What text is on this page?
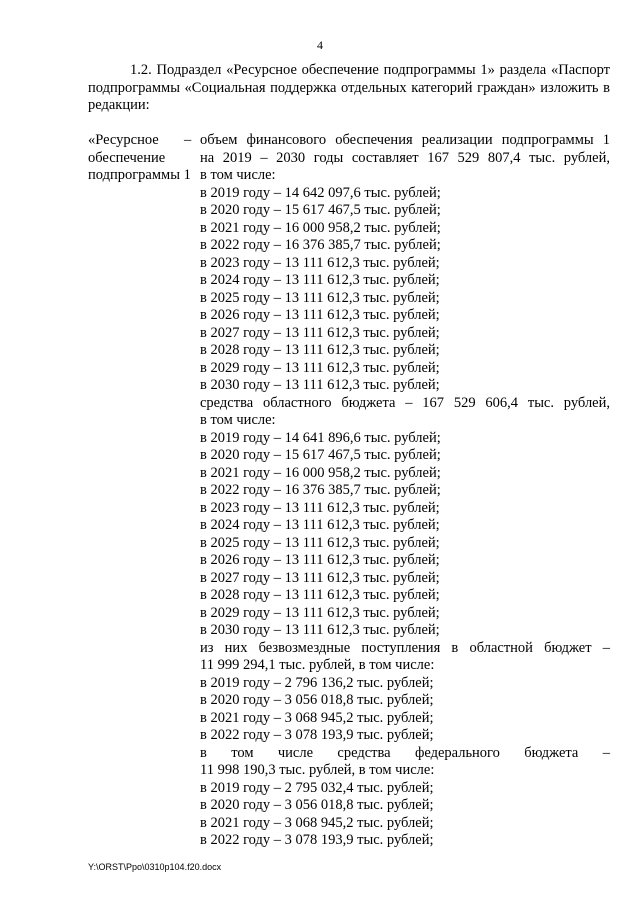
4

1.2. Подраздел «Ресурсное обеспечение подпрограммы 1» раздела «Паспорт подпрограммы «Социальная поддержка отдельных категорий граждан» изложить в редакции:

«Ресурсное
обеспечение
подпрограммы 1
– объем финансового обеспечения реализации подпрограммы 1
на 2019 – 2030 годы составляет 167 529 807,4 тыс. рублей,
в том числе:
в 2019 году – 14 642 097,6 тыс. рублей;
в 2020 году – 15 617 467,5 тыс. рублей;
в 2021 году – 16 000 958,2 тыс. рублей;
в 2022 году – 16 376 385,7 тыс. рублей;
в 2023 году – 13 111 612,3 тыс. рублей;
в 2024 году – 13 111 612,3 тыс. рублей;
в 2025 году – 13 111 612,3 тыс. рублей;
в 2026 году – 13 111 612,3 тыс. рублей;
в 2027 году – 13 111 612,3 тыс. рублей;
в 2028 году – 13 111 612,3 тыс. рублей;
в 2029 году – 13 111 612,3 тыс. рублей;
в 2030 году – 13 111 612,3 тыс. рублей;
средства областного бюджета – 167 529 606,4 тыс. рублей,
в том числе:
в 2019 году – 14 641 896,6 тыс. рублей;
в 2020 году – 15 617 467,5 тыс. рублей;
в 2021 году – 16 000 958,2 тыс. рублей;
в 2022 году – 16 376 385,7 тыс. рублей;
в 2023 году – 13 111 612,3 тыс. рублей;
в 2024 году – 13 111 612,3 тыс. рублей;
в 2025 году – 13 111 612,3 тыс. рублей;
в 2026 году – 13 111 612,3 тыс. рублей;
в 2027 году – 13 111 612,3 тыс. рублей;
в 2028 году – 13 111 612,3 тыс. рублей;
в 2029 году – 13 111 612,3 тыс. рублей;
в 2030 году – 13 111 612,3 тыс. рублей;
из них безвозмездные поступления в областной бюджет –
11 999 294,1 тыс. рублей, в том числе:
в 2019 году – 2 796 136,2 тыс. рублей;
в 2020 году – 3 056 018,8 тыс. рублей;
в 2021 году – 3 068 945,2 тыс. рублей;
в 2022 году – 3 078 193,9 тыс. рублей;
в том числе средства федерального бюджета –
11 998 190,3 тыс. рублей, в том числе:
в 2019 году – 2 795 032,4 тыс. рублей;
в 2020 году – 3 056 018,8 тыс. рублей;
в 2021 году – 3 068 945,2 тыс. рублей;
в 2022 году – 3 078 193,9 тыс. рублей;
Y:\ORST\Ppo\0310p104.f20.docx
